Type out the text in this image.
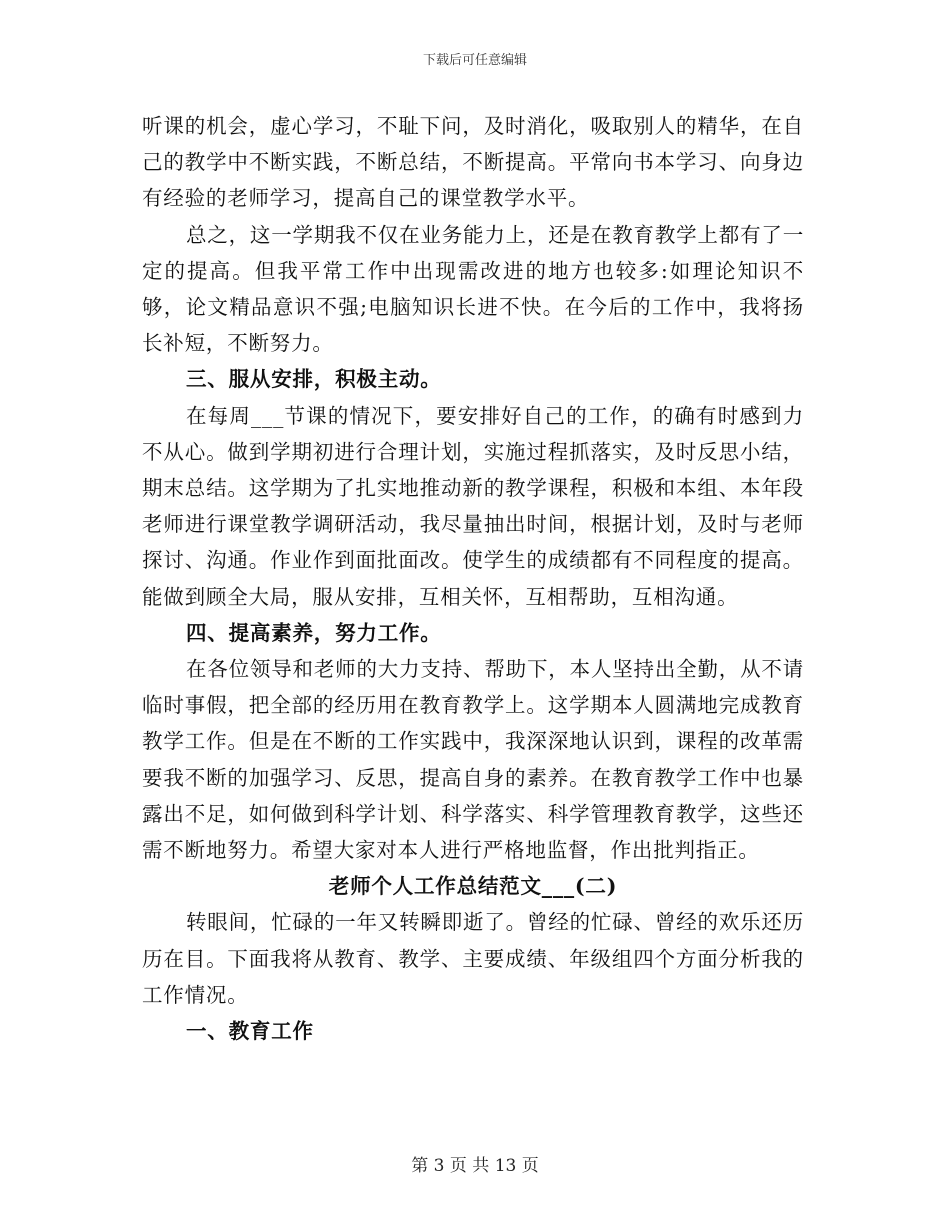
下载后可任意编辑

听课的机会，虚心学习，不耻下问，及时消化，吸取别人的精华，在自己的教学中不断实践，不断总结，不断提高。平常向书本学习、向身边有经验的老师学习，提高自己的课堂教学水平。

总之，这一学期我不仅在业务能力上，还是在教育教学上都有了一定的提高。但我平常工作中出现需改进的地方也较多:如理论知识不够，论文精品意识不强;电脑知识长进不快。在今后的工作中，我将扬长补短，不断努力。

三、服从安排，积极主动。

在每周___节课的情况下，要安排好自己的工作，的确有时感到力不从心。做到学期初进行合理计划，实施过程抓落实，及时反思小结，期末总结。这学期为了扎实地推动新的教学课程，积极和本组、本年段老师进行课堂教学调研活动，我尽量抽出时间，根据计划，及时与老师探讨、沟通。作业作到面批面改。使学生的成绩都有不同程度的提高。能做到顾全大局，服从安排，互相关怀，互相帮助，互相沟通。

四、提高素养，努力工作。

在各位领导和老师的大力支持、帮助下，本人坚持出全勤，从不请临时事假，把全部的经历用在教育教学上。这学期本人圆满地完成教育教学工作。但是在不断的工作实践中，我深深地认识到，课程的改革需要我不断的加强学习、反思，提高自身的素养。在教育教学工作中也暴露出不足，如何做到科学计划、科学落实、科学管理教育教学，这些还需不断地努力。希望大家对本人进行严格地监督，作出批判指正。

老师个人工作总结范文___(二)

转眼间，忙碌的一年又转瞬即逝了。曾经的忙碌、曾经的欢乐还历历在目。下面我将从教育、教学、主要成绩、年级组四个方面分析我的工作情况。

一、教育工作

第 3 页 共 13 页
